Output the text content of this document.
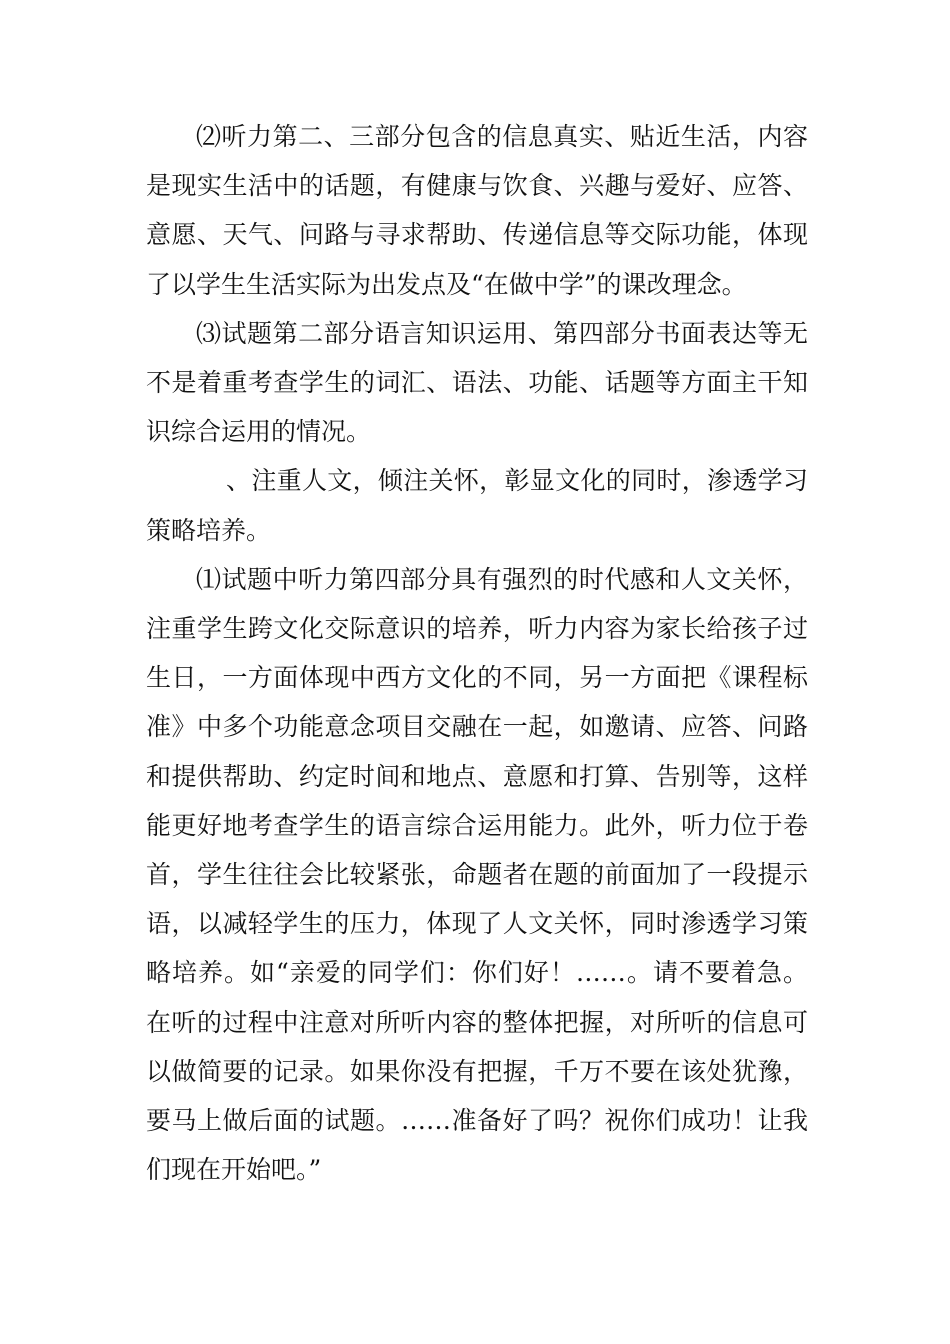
⑵听力第二、三部分包含的信息真实、贴近生活，内容是现实生活中的话题，有健康与饮食、兴趣与爱好、应答、意愿、天气、问路与寻求帮助、传递信息等交际功能，体现了以学生生活实际为出发点及“在做中学”的课改理念。

⑶试题第二部分语言知识运用、第四部分书面表达等无不是着重考查学生的词汇、语法、功能、话题等方面主干知识综合运用的情况。

、注重人文，倾注关怀，彰显文化的同时，渗透学习策略培养。

⑴试题中听力第四部分具有强烈的时代感和人文关怀，注重学生跨文化交际意识的培养，听力内容为家长给孩子过生日，一方面体现中西方文化的不同，另一方面把《课程标准》中多个功能意念项目交融在一起，如邀请、应答、问路和提供帮助、约定时间和地点、意愿和打算、告别等，这样能更好地考查学生的语言综合运用能力。此外，听力位于卷首，学生往往会比较紧张，命题者在题的前面加了一段提示语，以减轻学生的压力，体现了人文关怀，同时渗透学习策略培养。如“亲爱的同学们：你们好！……。请不要着急。在听的过程中注意对所听内容的整体把握，对所听的信息可以做简要的记录。如果你没有把握，千万不要在该处犹豫，要马上做后面的试题。……准备好了吗？祝你们成功！让我们现在开始吧。”
